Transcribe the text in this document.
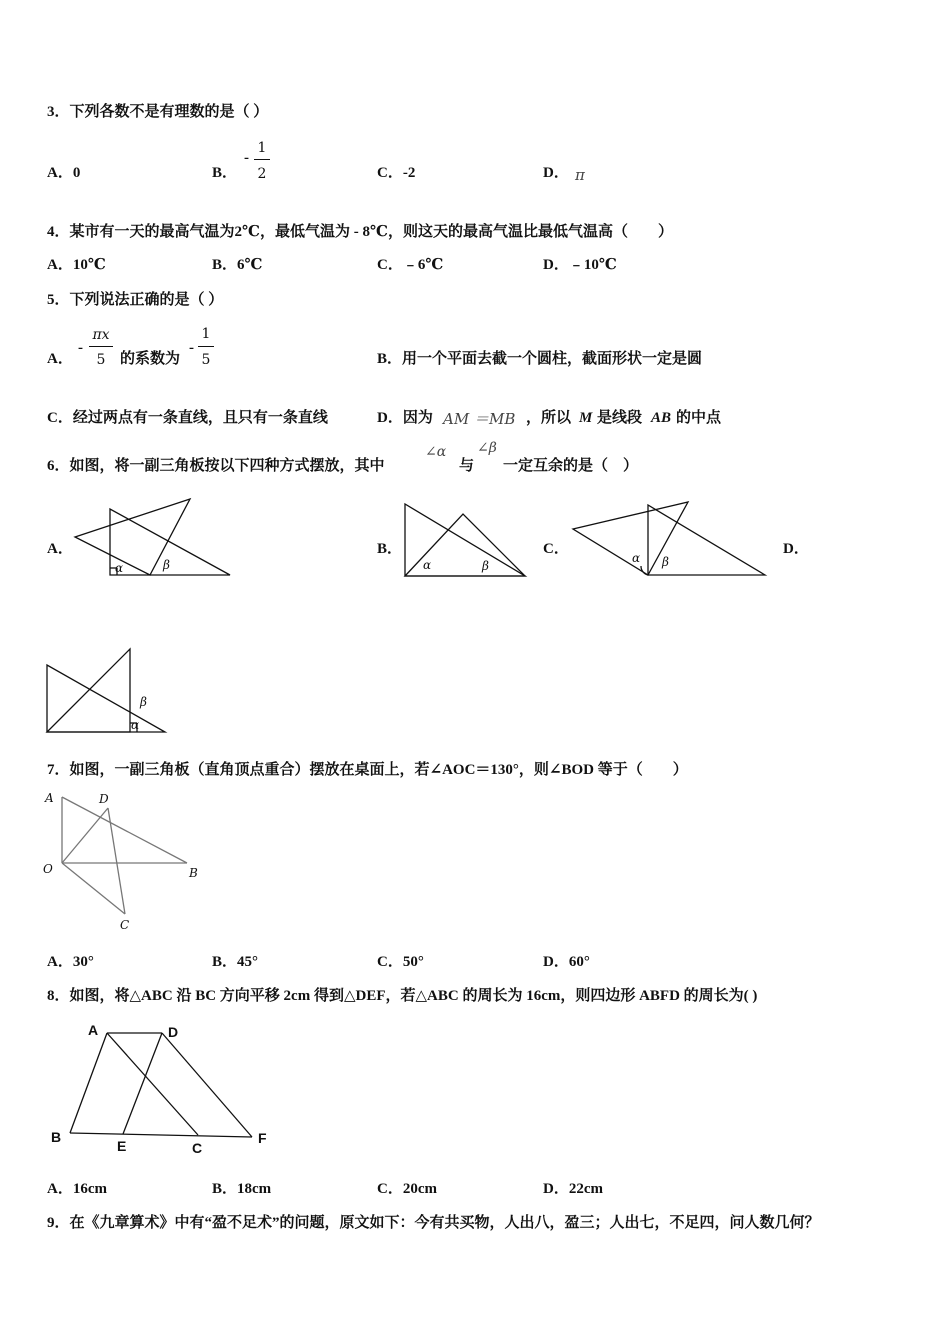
3．下列各数不是有理数的是（ ）
A．0	B．
-
1
2	C．-2	D． π
4．某市有一天的最高气温为2℃，最低气温为 - 8℃，则这天的最高气温比最低气温高（　　）
A．10℃	B．6℃	C．﹣6℃	D．﹣10℃
5．下列说法正确的是（ ）
A．
-
πx
5 的系数为
-
1
5	B．用一个平面去截一个圆柱，截面形状一定是圆
C．经过两点有一条直线，且只有一条直线	D．因为 AM ＝MB ，所以 M 是线段 AB 的中点
6．如图，将一副三角板按以下四种方式摆放，其中
∠α
与
∠β
一定互余的是（　）
A．
α	β
B．
α	β
C．
α β
D．
α
β
7．如图，一副三角板（直角顶点重合）摆放在桌面上，若∠AOC＝130°，则∠BOD 等于（　　）
A	D
O	B
C
A．30°	B．45°	C．50°	D．60°
8．如图，将△ABC 沿 BC 方向平移 2cm 得到△DEF，若△ABC 的周长为 16cm，则四边形 ABFD 的周长为( )
A	D
B
E	C
F
A．16cm	B．18cm	C．20cm	D．22cm
9．在《九章算术》中有“盈不足术”的问题，原文如下：今有共买物，人出八，盈三；人出七，不足四，问人数几何？
